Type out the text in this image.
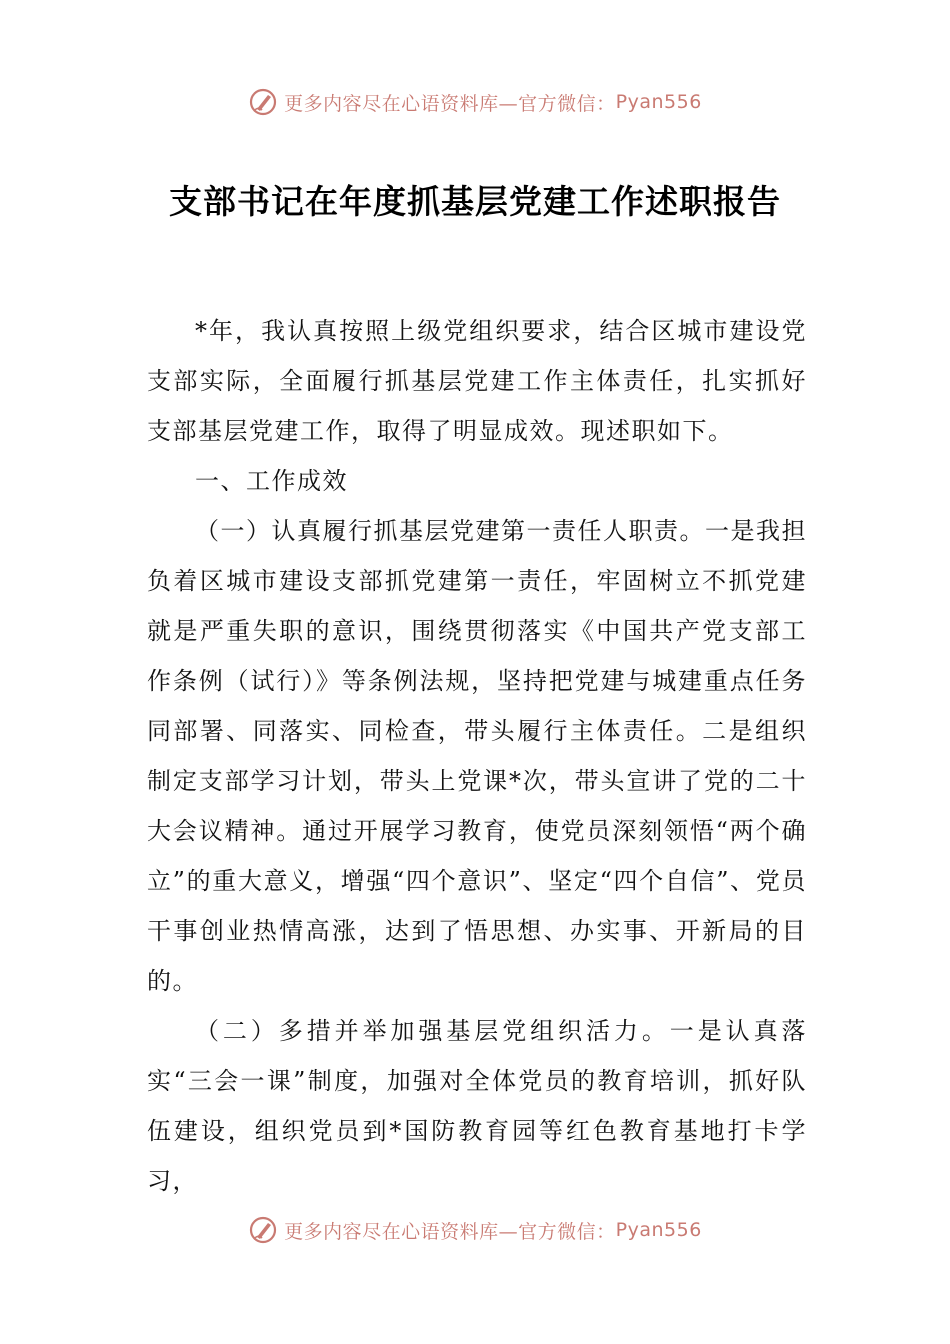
更多内容尽在心语资料库—官方微信： Pyan556
支部书记在年度抓基层党建工作述职报告

*年，我认真按照上级党组织要求，结合区城市建设党支部实际，全面履行抓基层党建工作主体责任，扎实抓好支部基层党建工作，取得了明显成效。现述职如下。

一、工作成效

（一）认真履行抓基层党建第一责任人职责。一是我担负着区城市建设支部抓党建第一责任，牢固树立不抓党建就是严重失职的意识，围绕贯彻落实《中国共产党支部工作条例（试行）》等条例法规，坚持把党建与城建重点任务同部署、同落实、同检查，带头履行主体责任。二是组织制定支部学习计划，带头上党课*次，带头宣讲了党的二十大会议精神。通过开展学习教育，使党员深刻领悟“两个确立”的重大意义，增强“四个意识”、坚定“四个自信”、党员干事创业热情高涨，达到了悟思想、办实事、开新局的目的。

（二）多措并举加强基层党组织活力。一是认真落实“三会一课”制度，加强对全体党员的教育培训，抓好队伍建设，组织党员到*国防教育园等红色教育基地打卡学习，

更多内容尽在心语资料库—官方微信： Pyan556
